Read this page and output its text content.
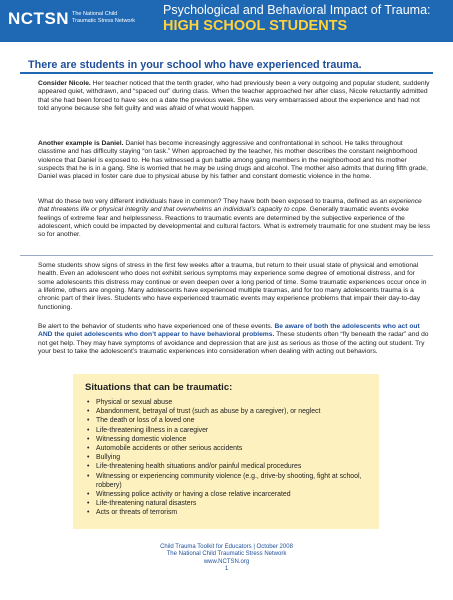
NCTSN The National Child
Traumatic Stress Network
Psychological and Behavioral Impact of Trauma:
HIGH SCHOOL STUDENTS
There are students in your school who have experienced trauma.

Consider Nicole. Her teacher noticed that the tenth grader, who had previously been a very outgoing and popular student, suddenly appeared quiet, withdrawn, and “spaced out” during class. When the teacher approached her after class, Nicole reluctantly admitted that she had been forced to have sex on a date the previous week. She was very embarrassed about the experience and had not told anyone because she felt guilty and was afraid of what would happen.

Another example is Daniel. Daniel has become increasingly aggressive and confrontational in school. He talks throughout classtime and has difficulty staying “on task.” When approached by the teacher, his mother describes the constant neighborhood violence that Daniel is exposed to. He has witnessed a gun battle among gang members in the neighborhood and his mother suspects that he is in a gang. She is worried that he may be using drugs and alcohol. The mother also admits that during fifth grade, Daniel was placed in foster care due to physical abuse by his father and constant domestic violence in the home.

What do these two very different individuals have in common? They have both been exposed to trauma, defined as an experience that threatens life or physical integrity and that overwhelms an individual’s capacity to cope. Generally traumatic events evoke feelings of extreme fear and helplessness. Reactions to traumatic events are determined by the subjective experience of the adolescent, which could be impacted by developmental and cultural factors. What is extremely traumatic for one student may be less so for another.

Some students show signs of stress in the first few weeks after a trauma, but return to their usual state of physical and emotional health. Even an adolescent who does not exhibit serious symptoms may experience some degree of emotional distress, and for some adolescents this distress may continue or even deepen over a long period of time. Some traumatic experiences occur once in a lifetime, others are ongoing. Many adolescents have experienced multiple traumas, and for too many adolescents trauma is a chronic part of their lives. Students who have experienced traumatic events may experience problems that impair their day-to-day functioning.

Be alert to the behavior of students who have experienced one of these events. Be aware of both the adolescents who act out AND the quiet adolescents who don’t appear to have behavioral problems. These students often “fly beneath the radar” and do not get help. They may have symptoms of avoidance and depression that are just as serious as those of the acting out student. Try your best to take the adolescent’s traumatic experiences into consideration when dealing with acting out behaviors.

Situations that can be traumatic:
• Physical or sexual abuse
• Abandonment, betrayal of trust (such as abuse by a caregiver), or neglect
• The death or loss of a loved one
• Life-threatening illness in a caregiver
• Witnessing domestic violence
• Automobile accidents or other serious accidents
• Bullying
• Life-threatening health situations and/or painful medical procedures
• Witnessing or experiencing community violence (e.g., drive-by shooting, fight at school, robbery)
• Witnessing police activity or having a close relative incarcerated
• Life-threatening natural disasters
• Acts or threats of terrorism
Child Trauma Toolkit for Educators | October 2008
The National Child Traumatic Stress Network
www.NCTSN.org
1
